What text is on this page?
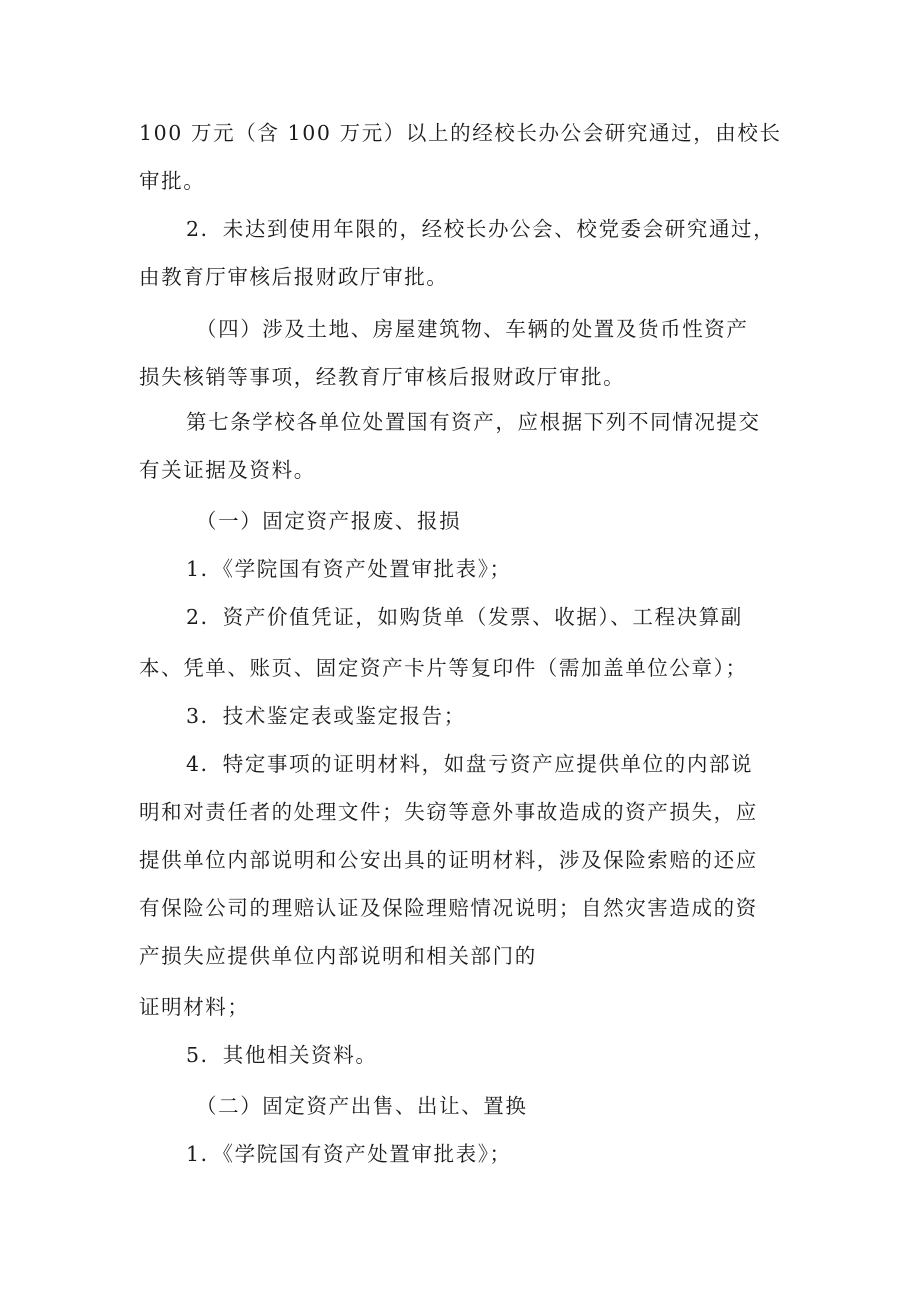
100 万元（含 100 万元）以上的经校长办公会研究通过，由校长
审批。
2．未达到使用年限的，经校长办公会、校党委会研究通过，
由教育厅审核后报财政厅审批。
（四）涉及土地、房屋建筑物、车辆的处置及货币性资产
损失核销等事项，经教育厅审核后报财政厅审批。
第七条学校各单位处置国有资产，应根据下列不同情况提交
有关证据及资料。
（一）固定资产报废、报损
1．《学院国有资产处置审批表》；
2．资产价值凭证，如购货单（发票、收据）、工程决算副
本、凭单、账页、固定资产卡片等复印件（需加盖单位公章）；
3．技术鉴定表或鉴定报告；
4．特定事项的证明材料，如盘亏资产应提供单位的内部说
明和对责任者的处理文件；失窃等意外事故造成的资产损失，应
提供单位内部说明和公安出具的证明材料，涉及保险索赔的还应
有保险公司的理赔认证及保险理赔情况说明；自然灾害造成的资
产损失应提供单位内部说明和相关部门的
证明材料；
5．其他相关资料。
（二）固定资产出售、出让、置换
1．《学院国有资产处置审批表》；
